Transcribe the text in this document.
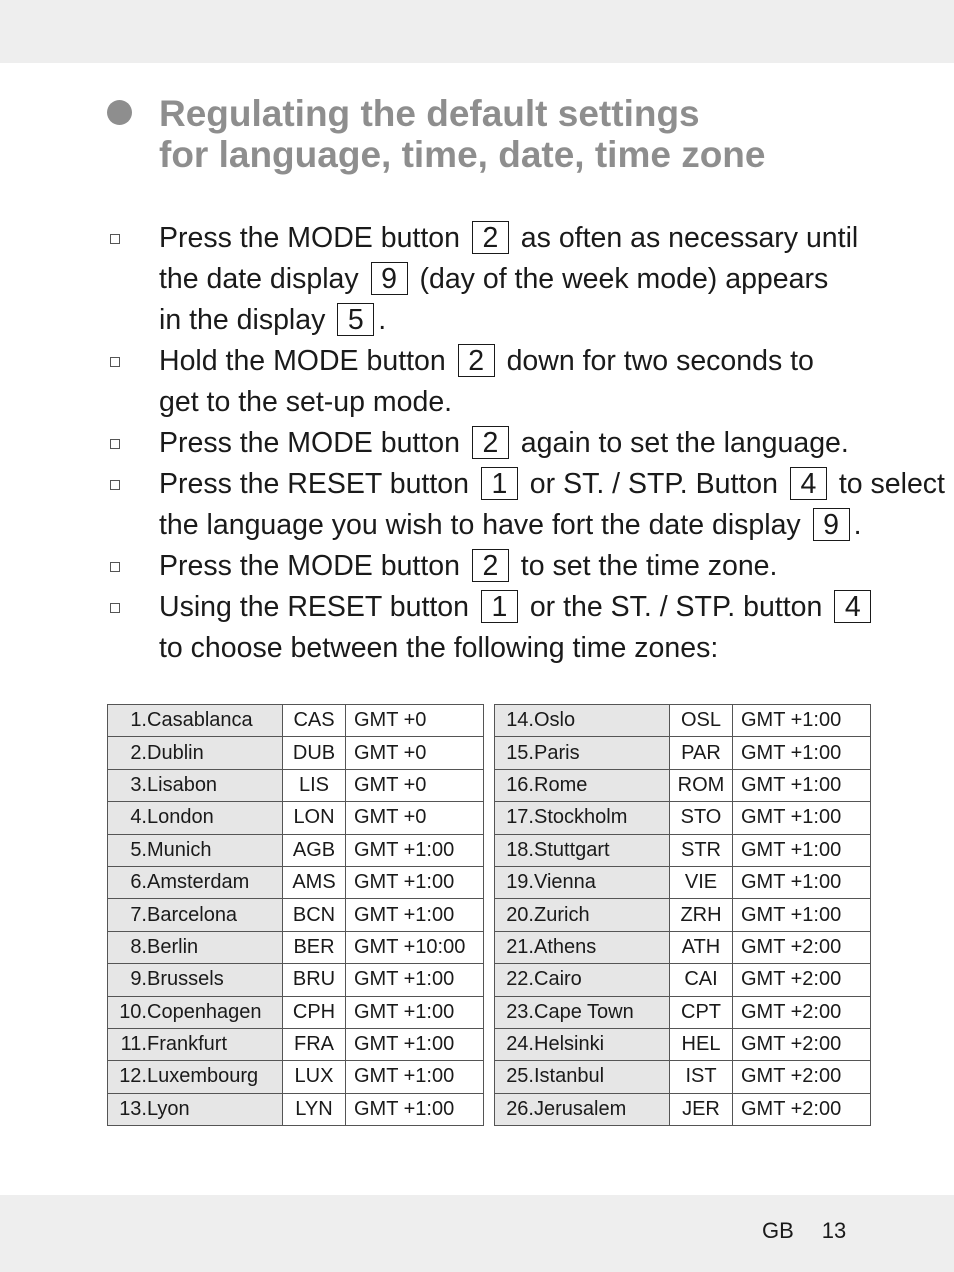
Regulating the default settings
for language, time, date, time zone
Press the MODE button 2 as often as necessary until
the date display 9 (day of the week mode) appears
in the display 5 .
Hold the MODE button 2 down for two seconds to
get to the set-up mode.
Press the MODE button 2 again to set the language.
Press the RESET button 1 or ST. / STP. Button 4 to select
the language you wish to have fort the date display 9 .
Press the MODE button 2 to set the time zone.
Using the RESET button 1 or the ST. / STP. button 4
to choose between the following time zones:
1.Casablanca	CAS	GMT +0
2.Dublin	DUB	GMT +0
3.Lisabon	LIS	GMT +0
4.London	LON	GMT +0
5.Munich	AGB	GMT +1:00
6.Amsterdam	AMS	GMT +1:00
7.Barcelona	BCN	GMT +1:00
8.Berlin	BER	GMT +10:00
9.Brussels	BRU	GMT +1:00
10.Copenhagen	CPH	GMT +1:00
11.Frankfurt	FRA	GMT +1:00
12.Luxembourg	LUX	GMT +1:00
13.Lyon	LYN	GMT +1:00
14.Oslo	OSL	GMT +1:00
15.Paris	PAR	GMT +1:00
16.Rome	ROM	GMT +1:00
17.Stockholm	STO	GMT +1:00
18.Stuttgart	STR	GMT +1:00
19.Vienna	VIE	GMT +1:00
20.Zurich	ZRH	GMT +1:00
21.Athens	ATH	GMT +2:00
22.Cairo	CAI	GMT +2:00
23.Cape Town	CPT	GMT +2:00
24.Helsinki	HEL	GMT +2:00
25.Istanbul	IST	GMT +2:00
26.Jerusalem	JER	GMT +2:00
GB 13
